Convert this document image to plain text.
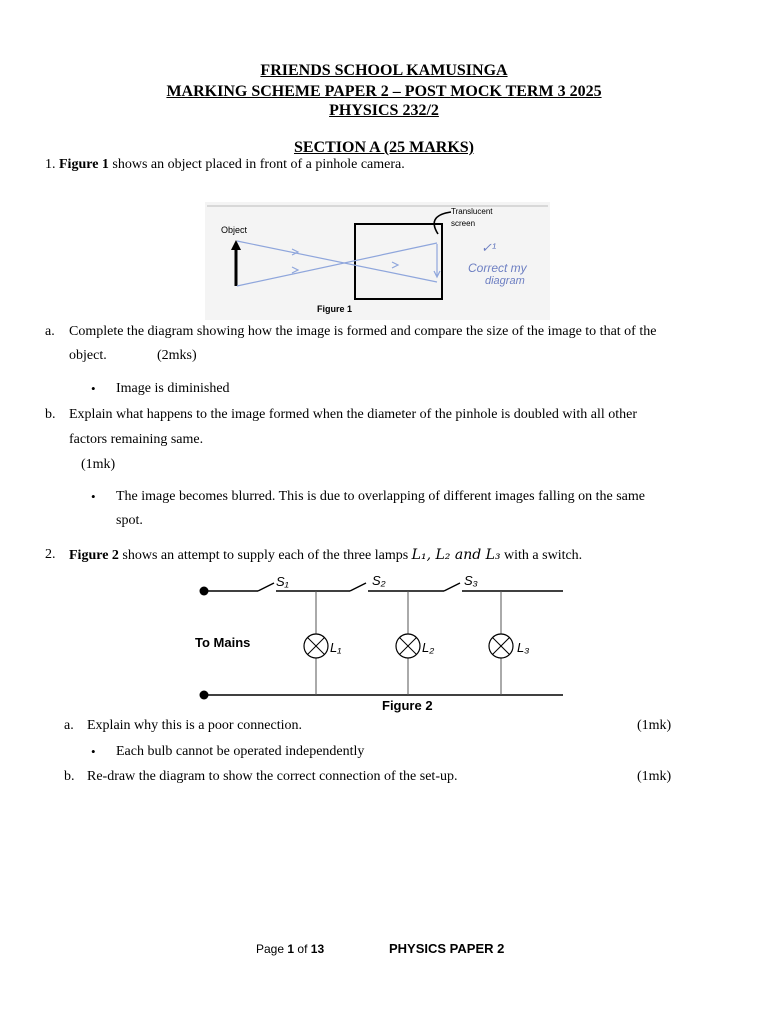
FRIENDS SCHOOL KAMUSINGA
MARKING SCHEME PAPER 2 – POST MOCK TERM 3 2025
PHYSICS 232/2
SECTION A (25 MARKS)
1. Figure 1 shows an object placed in front of a pinhole camera.
Object
Translucent
screen
✓¹
Correct my
diagram
Figure 1
a. Complete the diagram showing how the image is formed and compare the size of the image to that of the
object.	(2mks)
• Image is diminished
b. Explain what happens to the image formed when the diameter of the pinhole is doubled with all other
factors remaining same.
(1mk)
• The image becomes blurred. This is due to overlapping of different images falling on the same
spot.
2. Figure 2 shows an attempt to supply each of the three lamps L₁, L₂ and L₃ with a switch.
S₁	S₂	S₃
L₁	L₂	L₃
To Mains
Figure 2
a. Explain why this is a poor connection.	(1mk)
• Each bulb cannot be operated independently
b. Re-draw the diagram to show the correct connection of the set-up.	(1mk)
Page 1 of 13	PHYSICS PAPER 2
